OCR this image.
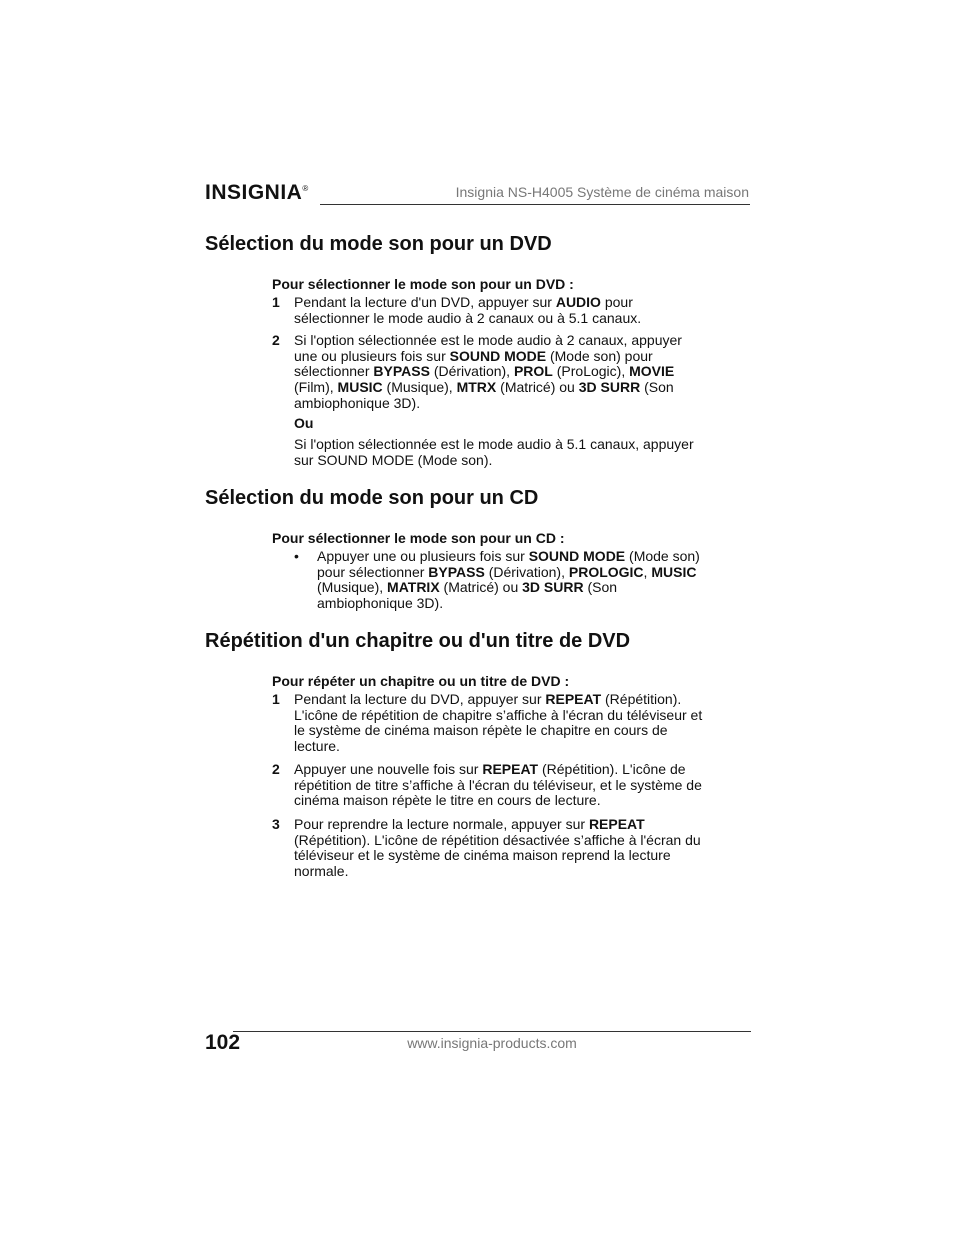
INSIGNIA®	Insignia NS-H4005 Système de cinéma maison
Sélection du mode son pour un DVD
Pour sélectionner le mode son pour un DVD :
1 Pendant la lecture d'un DVD, appuyer sur AUDIO pour
sélectionner le mode audio à 2 canaux ou à 5.1 canaux.
2 Si l'option sélectionnée est le mode audio à 2 canaux, appuyer
une ou plusieurs fois sur SOUND MODE (Mode son) pour
sélectionner BYPASS (Dérivation), PROL (ProLogic), MOVIE
(Film), MUSIC (Musique), MTRX (Matricé) ou 3D SURR (Son
ambiophonique 3D).
Ou
Si l'option sélectionnée est le mode audio à 5.1 canaux, appuyer
sur SOUND MODE (Mode son).
Sélection du mode son pour un CD
Pour sélectionner le mode son pour un CD :
• Appuyer une ou plusieurs fois sur SOUND MODE (Mode son)
pour sélectionner BYPASS (Dérivation), PROLOGIC, MUSIC
(Musique), MATRIX (Matricé) ou 3D SURR (Son
ambiophonique 3D).
Répétition d'un chapitre ou d'un titre de DVD
Pour répéter un chapitre ou un titre de DVD :
1 Pendant la lecture du DVD, appuyer sur REPEAT (Répétition).
L'icône de répétition de chapitre s’affiche à l'écran du téléviseur et
le système de cinéma maison répète le chapitre en cours de
lecture.
2 Appuyer une nouvelle fois sur REPEAT (Répétition). L'icône de
répétition de titre s’affiche à l'écran du téléviseur, et le système de
cinéma maison répète le titre en cours de lecture.
3 Pour reprendre la lecture normale, appuyer sur REPEAT
(Répétition). L'icône de répétition désactivée s’affiche à l'écran du
téléviseur et le système de cinéma maison reprend la lecture
normale.
102	www.insignia-products.com
